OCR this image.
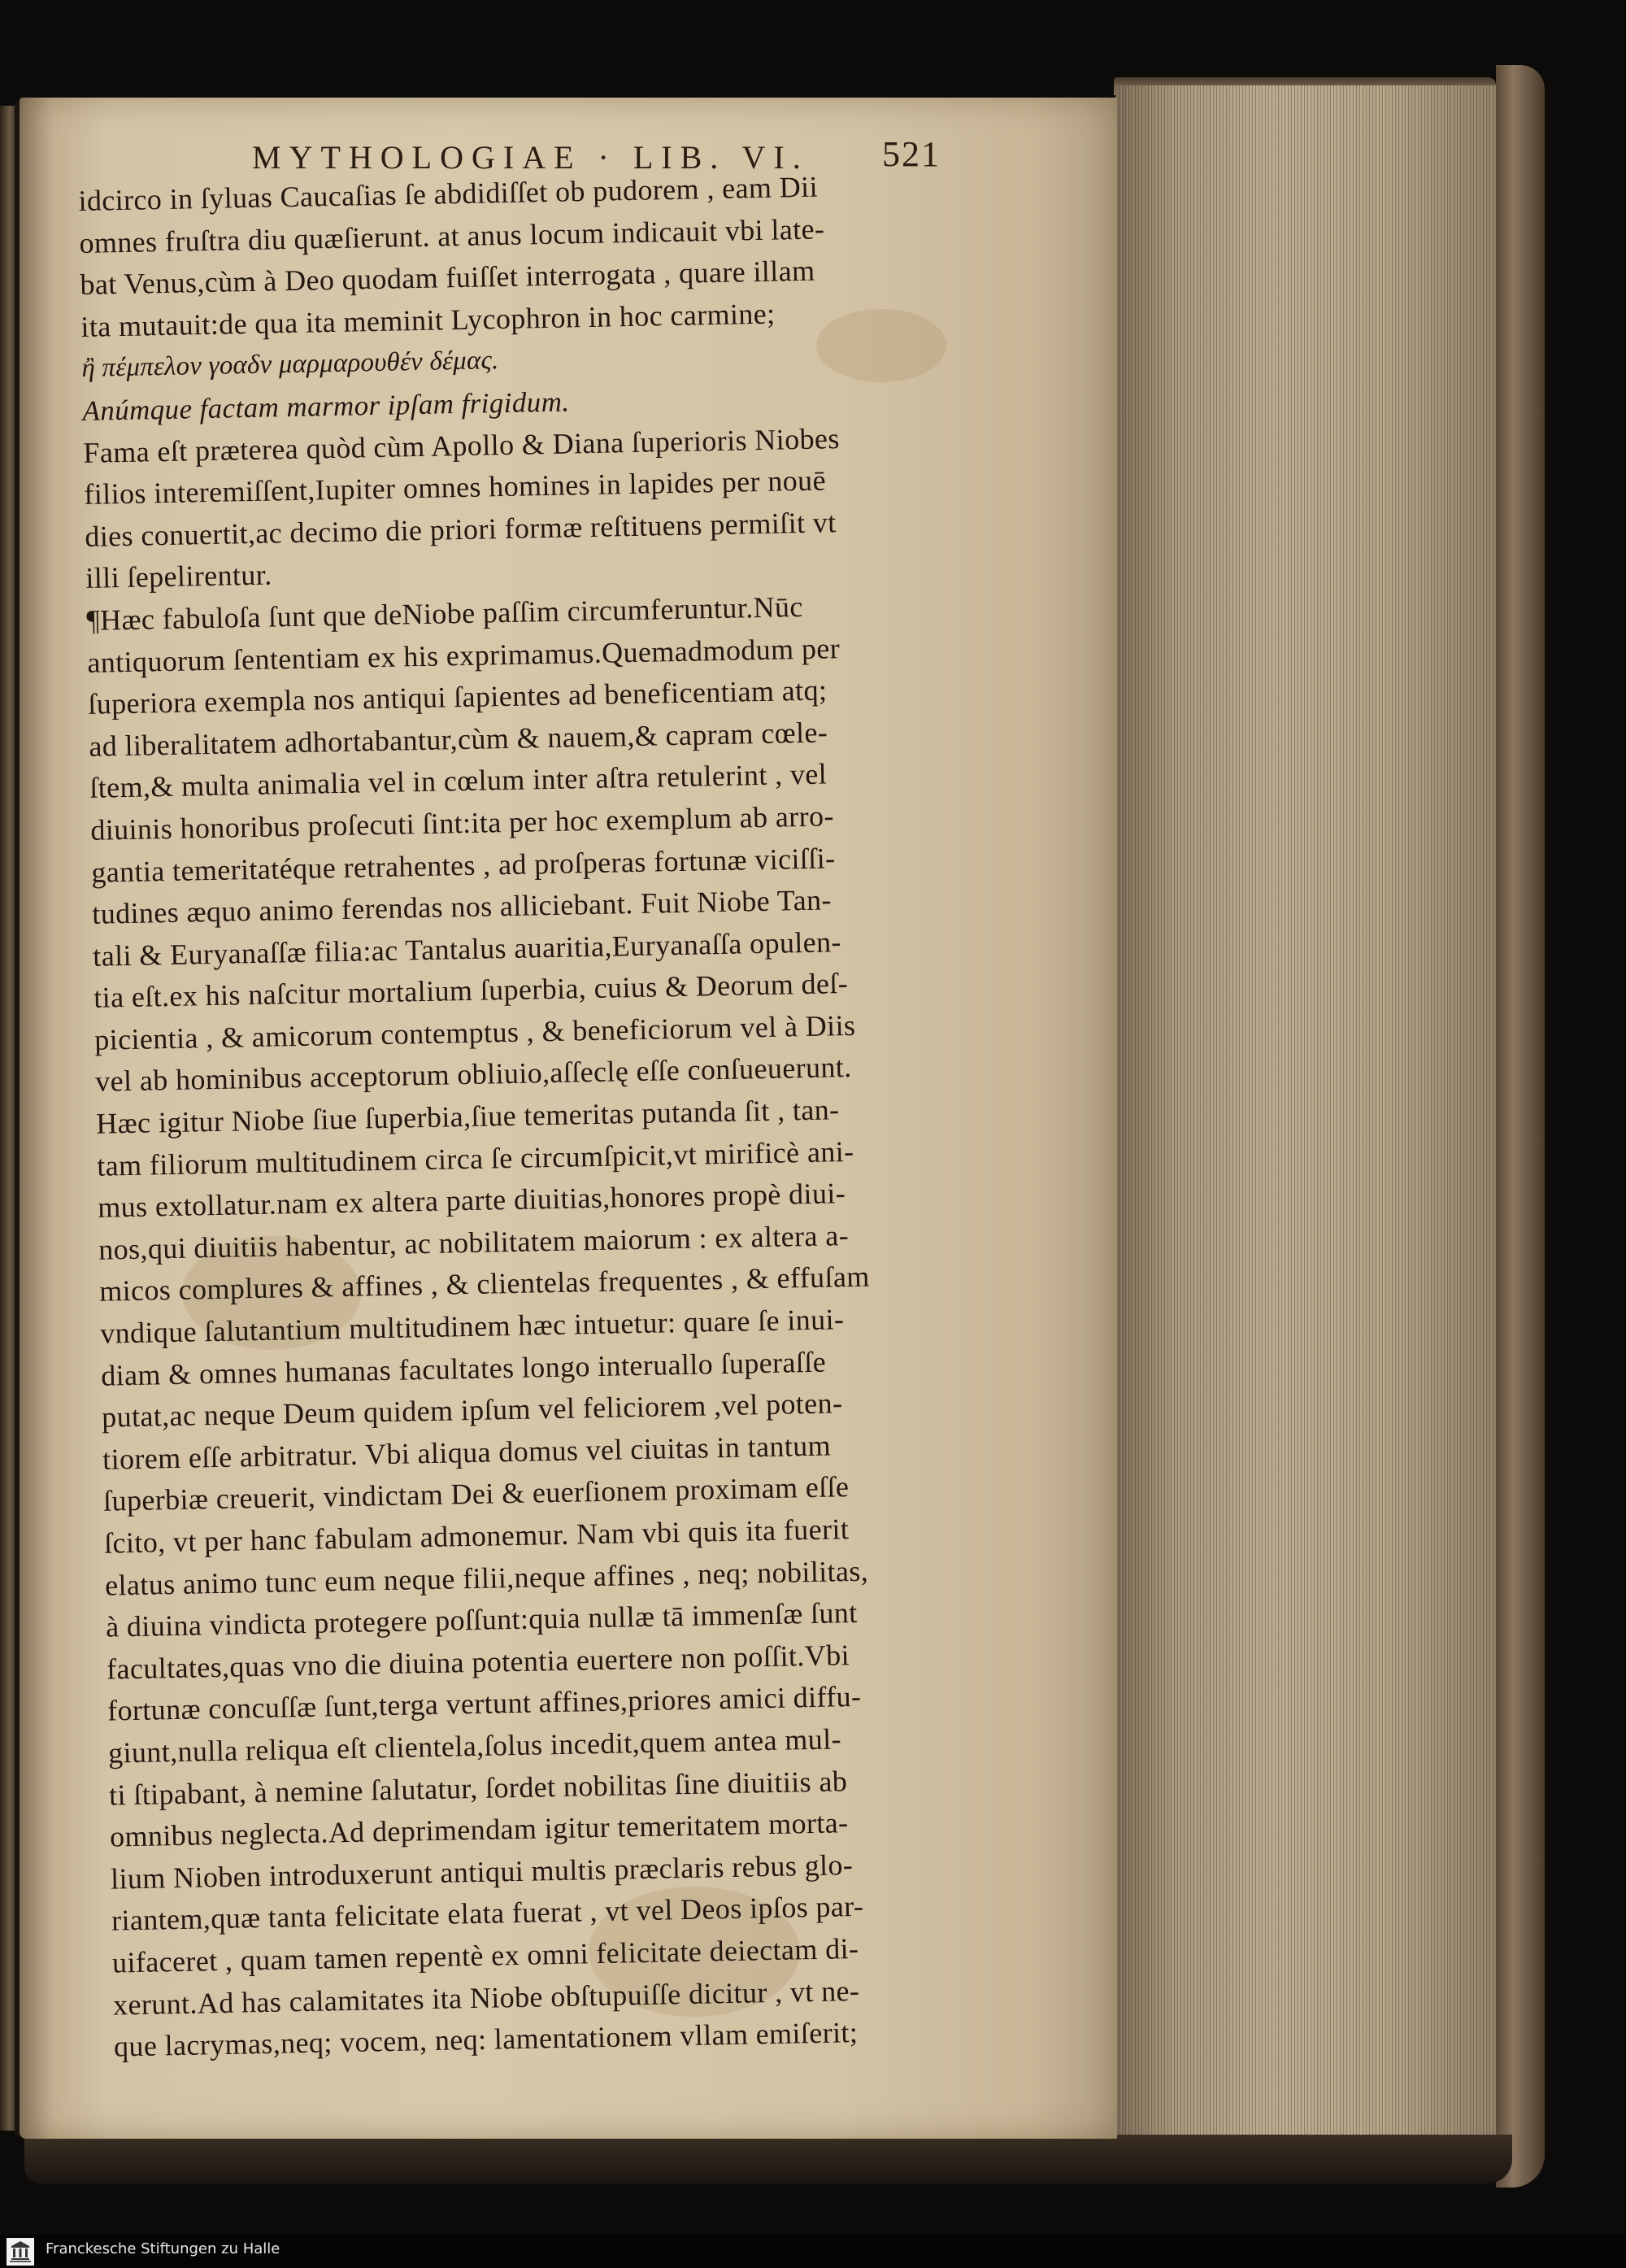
MYTHOLOGIAE · LIB. VI.	521
idcirco in ſyluas Caucaſias ſe abdidiſſet ob pudorem , eam Dii
omnes fruſtra diu quæſierunt. at anus locum indicauit vbi late-
bat Venus,cùm à Deo quodam fuiſſet interrogata , quare illam
ita mutauit:de qua ita meminit Lycophron in hoc carmine;
ἢ πέμπελον γοαδν μαρμαρουθέν δέμας.
Anúmque factam marmor ipſam frigidum.
Fama eſt præterea quòd cùm Apollo & Diana ſuperioris Niobes
filios interemiſſent,Iupiter omnes homines in lapides per nouē
dies conuertit,ac decimo die priori formæ reſtituens permiſit vt
illi ſepelirentur.
¶Hæc fabuloſa ſunt que deNiobe paſſim circumferuntur.Nūc
antiquorum ſententiam ex his exprimamus.Quemadmodum per
ſuperiora exempla nos antiqui ſapientes ad beneficentiam atq;
ad liberalitatem adhortabantur,cùm & nauem,& capram cœle-
ſtem,& multa animalia vel in cœlum inter aſtra retulerint , vel
diuinis honoribus proſecuti ſint:ita per hoc exemplum ab arro-
gantia temeritatéque retrahentes , ad proſperas fortunæ viciſſi-
tudines æquo animo ferendas nos alliciebant. Fuit Niobe Tan-
tali & Euryanaſſæ filia:ac Tantalus auaritia,Euryanaſſa opulen-
tia eſt.ex his naſcitur mortalium ſuperbia, cuius & Deorum deſ-
picientia , & amicorum contemptus , & beneficiorum vel à Diis
vel ab hominibus acceptorum obliuio,aſſeclę eſſe conſueuerunt.
Hæc igitur Niobe ſiue ſuperbia,ſiue temeritas putanda ſit , tan-
tam filiorum multitudinem circa ſe circumſpicit,vt mirificè ani-
mus extollatur.nam ex altera parte diuitias,honores propè diui-
nos,qui diuitiis habentur, ac nobilitatem maiorum : ex altera a-
micos complures & affines , & clientelas frequentes , & effuſam
vndique ſalutantium multitudinem hæc intuetur: quare ſe inui-
diam & omnes humanas facultates longo interuallo ſuperaſſe
putat,ac neque Deum quidem ipſum vel feliciorem ,vel poten-
tiorem eſſe arbitratur. Vbi aliqua domus vel ciuitas in tantum
ſuperbiæ creuerit, vindictam Dei & euerſionem proximam eſſe
ſcito, vt per hanc fabulam admonemur. Nam vbi quis ita fuerit
elatus animo tunc eum neque filii,neque affines , neq; nobilitas,
à diuina vindicta protegere poſſunt:quia nullæ tā immenſæ ſunt
facultates,quas vno die diuina potentia euertere non poſſit.Vbi
fortunæ concuſſæ ſunt,terga vertunt affines,priores amici diffu-
giunt,nulla reliqua eſt clientela,ſolus incedit,quem antea mul-
ti ſtipabant, à nemine ſalutatur, ſordet nobilitas ſine diuitiis ab
omnibus neglecta.Ad deprimendam igitur temeritatem morta-
lium Nioben introduxerunt antiqui multis præclaris rebus glo-
riantem,quæ tanta felicitate elata fuerat , vt vel Deos ipſos par-
uifaceret , quam tamen repentè ex omni felicitate deiectam di-
xerunt.Ad has calamitates ita Niobe obſtupuiſſe dicitur , vt ne-
que lacrymas,neq; vocem, neq: lamentationem vllam emiſerit;
Franckesche Stiftungen zu Halle
